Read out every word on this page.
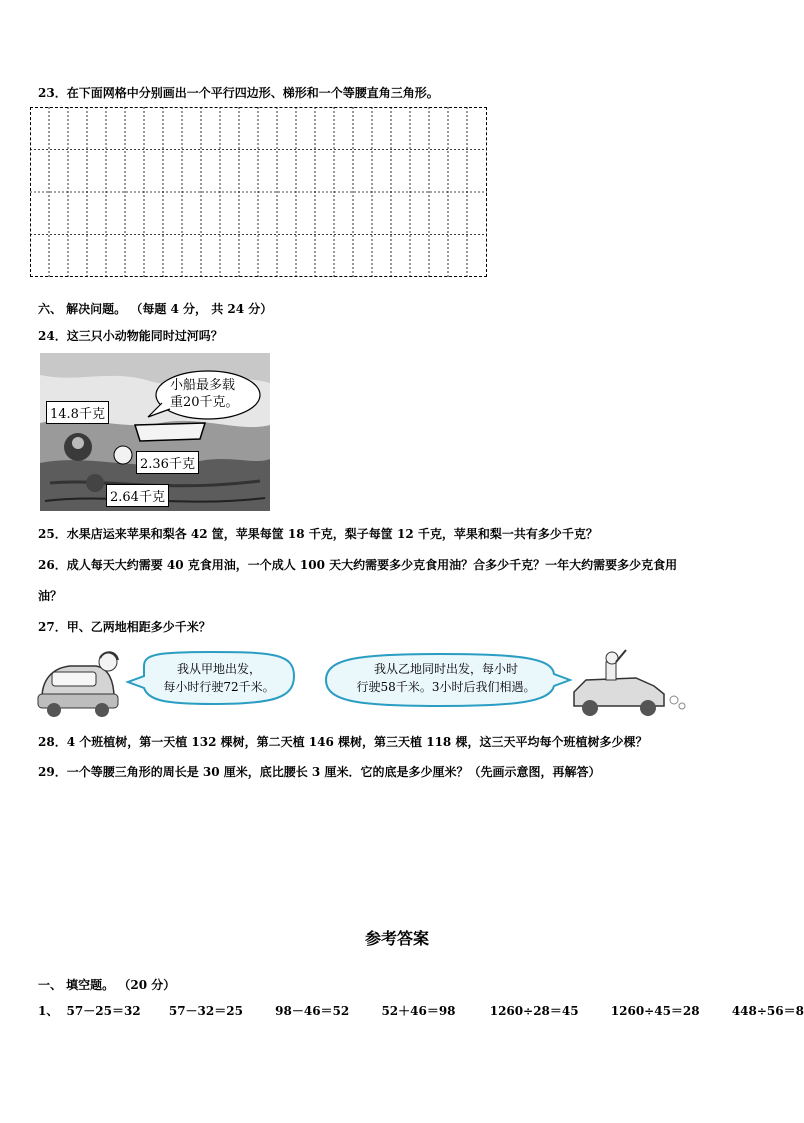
23．在下面网格中分别画出一个平行四边形、梯形和一个等腰直角三角形。
六、 解决问题。 （每题 4 分， 共 24 分）
24．这三只小动物能同时过河吗？
小船最多载
重20千克。
14.8千克
2.36千克
2.64千克
25．水果店运来苹果和梨各 42 筐，苹果每筐 18 千克，梨子每筐 12 千克，苹果和梨一共有多少千克？
26．成人每天大约需要 40 克食用油，一个成人 100 天大约需要多少克食用油？合多少千克？一年大约需要多少克食用
油？
27．甲、乙两地相距多少千米？
我从甲地出发，
每小时行驶72千米。
我从乙地同时出发，每小时
行驶58千米。3小时后我们相遇。
28．4 个班植树，第一天植 132 棵树，第二天植 146 棵树，第三天植 118 棵，这三天平均每个班植树多少棵？
29．一个等腰三角形的周长是 30 厘米，底比腰长 3 厘米．它的底是多少厘米？（先画示意图，再解答）
参考答案
一、 填空题。 （20 分）
1、 57－25＝32 57－32＝25	98－46＝52	52＋46＝98	1260÷28＝45	1260÷45＝28	448÷56＝8
